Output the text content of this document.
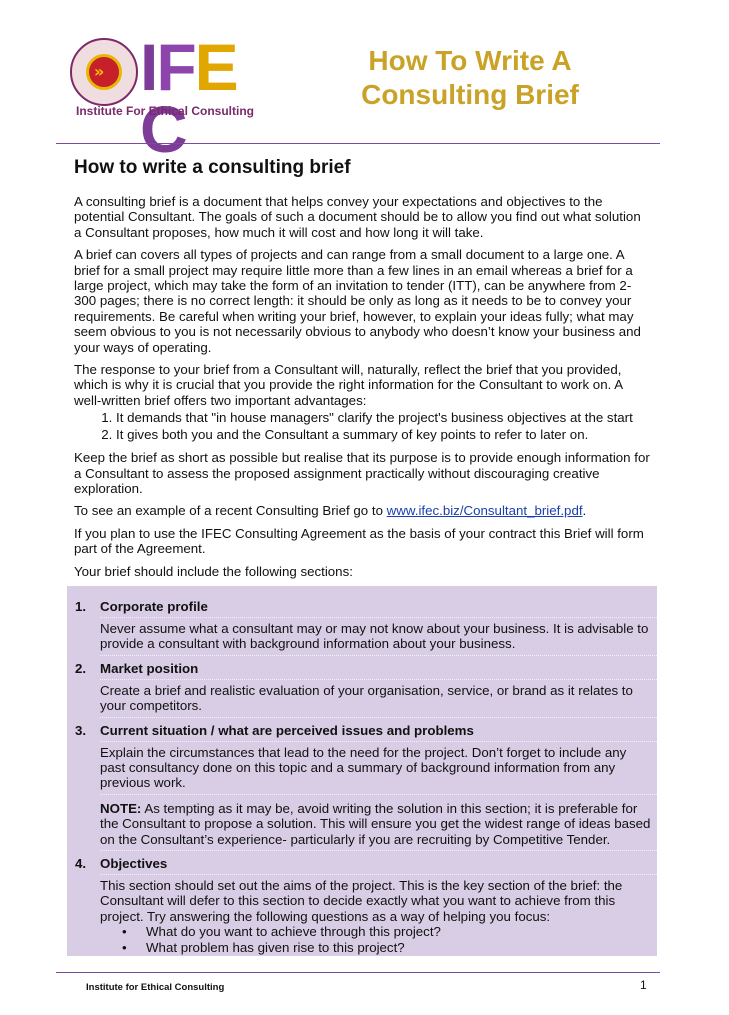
» IFEC
Institute For Ethical Consulting
How To Write A
Consulting Brief
How to write a consulting brief

A consulting brief is a document that helps convey your expectations and objectives to the potential Consultant. The goals of such a document should be to allow you find out what solution a Consultant proposes, how much it will cost and how long it will take.

A brief can covers all types of projects and can range from a small document to a large one. A brief for a small project may require little more than a few lines in an email whereas a brief for a large project, which may take the form of an invitation to tender (ITT), can be anywhere from 2-300 pages; there is no correct length: it should be only as long as it needs to be to convey your requirements. Be careful when writing your brief, however, to explain your ideas fully; what may seem obvious to you is not necessarily obvious to anybody who doesn’t know your business and your ways of operating.

The response to your brief from a Consultant will, naturally, reflect the brief that you provided, which is why it is crucial that you provide the right information for the Consultant to work on. A well-written brief offers two important advantages:

1. It demands that "in house managers" clarify the project's business objectives at the start
2. It gives both you and the Consultant a summary of key points to refer to later on.

Keep the brief as short as possible but realise that its purpose is to provide enough information for a Consultant to assess the proposed assignment practically without discouraging creative exploration.

To see an example of a recent Consulting Brief go to www.ifec.biz/Consultant_brief.pdf.

If you plan to use the IFEC Consulting Agreement as the basis of your contract this Brief will form part of the Agreement.

Your brief should include the following sections:

1. Corporate profile
Never assume what a consultant may or may not know about your business. It is advisable to provide a consultant with background information about your business.
2. Market position
Create a brief and realistic evaluation of your organisation, service, or brand as it relates to your competitors.
3. Current situation / what are perceived issues and problems
Explain the circumstances that lead to the need for the project. Don’t forget to include any past consultancy done on this topic and a summary of background information from any previous work.
NOTE: As tempting as it may be, avoid writing the solution in this section; it is preferable for the Consultant to propose a solution. This will ensure you get the widest range of ideas based on the Consultant’s experience- particularly if you are recruiting by Competitive Tender.
4. Objectives
This section should set out the aims of the project. This is the key section of the brief: the Consultant will defer to this section to decide exactly what you want to achieve from this project. Try answering the following questions as a way of helping you focus:
• What do you want to achieve through this project?
• What problem has given rise to this project?
Institute for Ethical Consulting	1
